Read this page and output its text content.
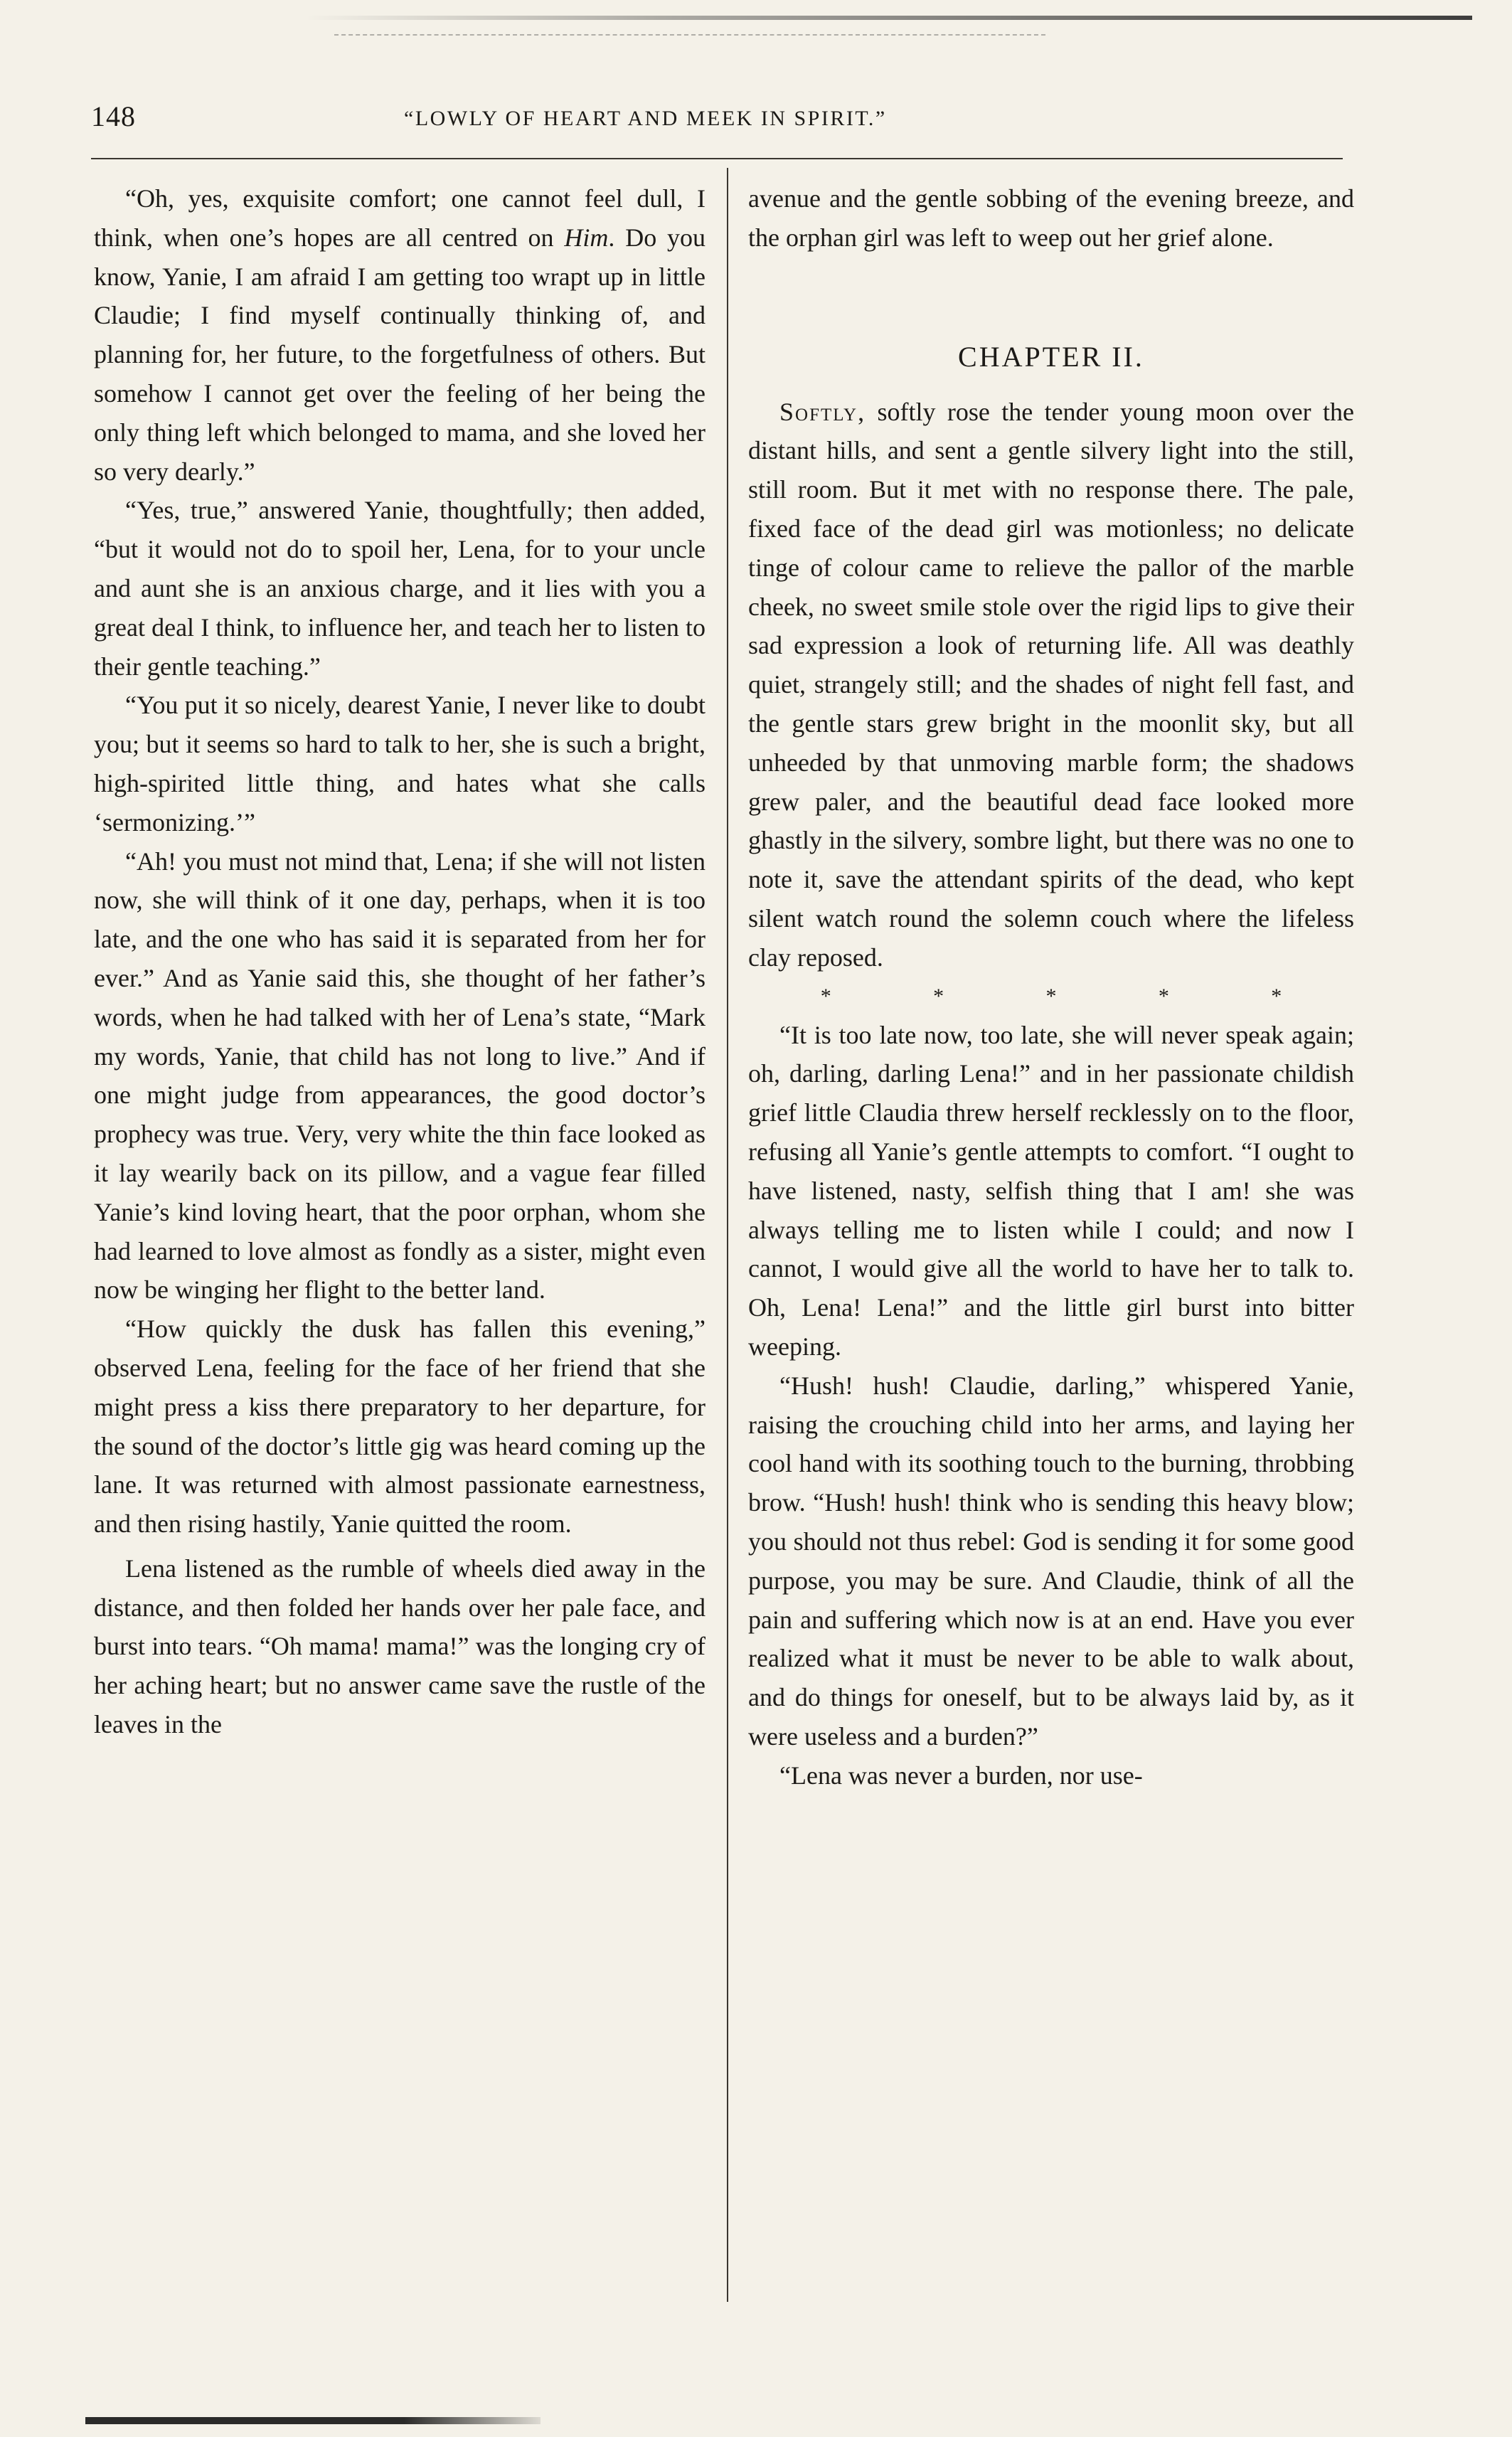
148	“LOWLY OF HEART AND MEEK IN SPIRIT.”

“Oh, yes, exquisite comfort; one cannot feel dull, I think, when one’s hopes are all centred on Him. Do you know, Yanie, I am afraid I am getting too wrapt up in little Claudie; I find myself continually thinking of, and planning for, her future, to the forgetfulness of others. But somehow I cannot get over the feeling of her being the only thing left which belonged to mama, and she loved her so very dearly.”

“Yes, true,” answered Yanie, thoughtfully; then added, “but it would not do to spoil her, Lena, for to your uncle and aunt she is an anxious charge, and it lies with you a great deal I think, to influence her, and teach her to listen to their gentle teaching.”

“You put it so nicely, dearest Yanie, I never like to doubt you; but it seems so hard to talk to her, she is such a bright, high-spirited little thing, and hates what she calls ‘sermonizing.’”

“Ah! you must not mind that, Lena; if she will not listen now, she will think of it one day, perhaps, when it is too late, and the one who has said it is separated from her for ever.” And as Yanie said this, she thought of her father’s words, when he had talked with her of Lena’s state, “Mark my words, Yanie, that child has not long to live.” And if one might judge from appearances, the good doctor’s prophecy was true. Very, very white the thin face looked as it lay wearily back on its pillow, and a vague fear filled Yanie’s kind loving heart, that the poor orphan, whom she had learned to love almost as fondly as a sister, might even now be winging her flight to the better land.

“How quickly the dusk has fallen this evening,” observed Lena, feeling for the face of her friend that she might press a kiss there preparatory to her departure, for the sound of the doctor’s little gig was heard coming up the lane. It was returned with almost passionate earnestness, and then rising hastily, Yanie quitted the room.

Lena listened as the rumble of wheels died away in the distance, and then folded her hands over her pale face, and burst into tears. “Oh mama! mama!” was the longing cry of her aching heart; but no answer came save the rustle of the leaves in the

avenue and the gentle sobbing of the evening breeze, and the orphan girl was left to weep out her grief alone.

CHAPTER II.

Softly, softly rose the tender young moon over the distant hills, and sent a gentle silvery light into the still, still room. But it met with no response there. The pale, fixed face of the dead girl was motionless; no delicate tinge of colour came to relieve the pallor of the marble cheek, no sweet smile stole over the rigid lips to give their sad expression a look of returning life. All was deathly quiet, strangely still; and the shades of night fell fast, and the gentle stars grew bright in the moonlit sky, but all unheeded by that unmoving marble form; the shadows grew paler, and the beautiful dead face looked more ghastly in the silvery, sombre light, but there was no one to note it, save the attendant spirits of the dead, who kept silent watch round the solemn couch where the lifeless clay reposed.

*	*	*	*	*

“It is too late now, too late, she will never speak again; oh, darling, darling Lena!” and in her passionate childish grief little Claudia threw herself recklessly on to the floor, refusing all Yanie’s gentle attempts to comfort. “I ought to have listened, nasty, selfish thing that I am! she was always telling me to listen while I could; and now I cannot, I would give all the world to have her to talk to. Oh, Lena! Lena!” and the little girl burst into bitter weeping.

“Hush! hush! Claudie, darling,” whispered Yanie, raising the crouching child into her arms, and laying her cool hand with its soothing touch to the burning, throbbing brow. “Hush! hush! think who is sending this heavy blow; you should not thus rebel: God is sending it for some good purpose, you may be sure. And Claudie, think of all the pain and suffering which now is at an end. Have you ever realized what it must be never to be able to walk about, and do things for oneself, but to be always laid by, as it were useless and a burden?”

“Lena was never a burden, nor use-
